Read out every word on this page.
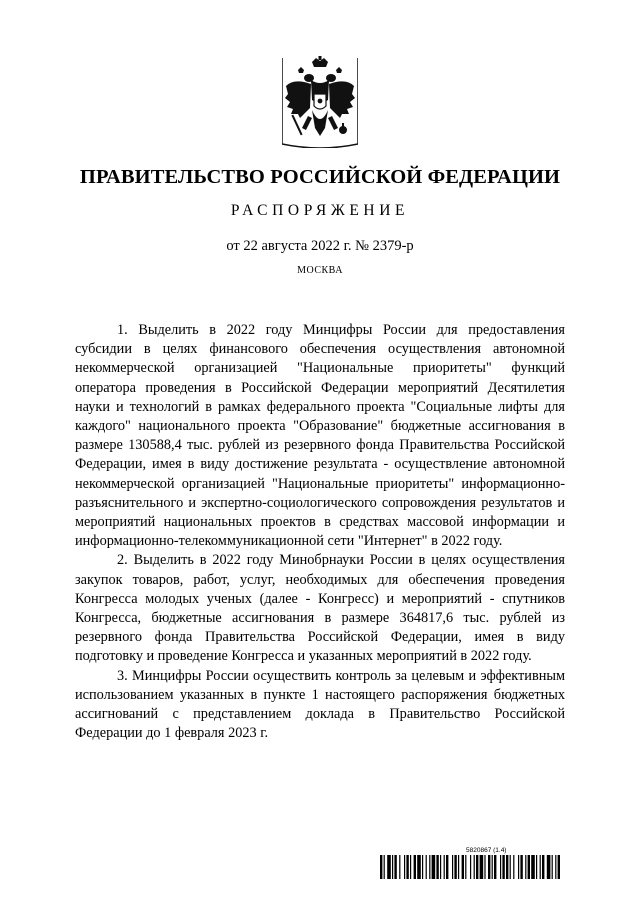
ПРАВИТЕЛЬСТВО РОССИЙСКОЙ ФЕДЕРАЦИИ
РАСПОРЯЖЕНИЕ
от 22 августа 2022 г. № 2379-р
МОСКВА

1. Выделить в 2022 году Минцифры России для предоставления субсидии в целях финансового обеспечения осуществления автономной некоммерческой организацией "Национальные приоритеты" функций оператора проведения в Российской Федерации мероприятий Десятилетия науки и технологий в рамках федерального проекта "Социальные лифты для каждого" национального проекта "Образование" бюджетные ассигнования в размере 130588,4 тыс. рублей из резервного фонда Правительства Российской Федерации, имея в виду достижение результата - осуществление автономной некоммерческой организацией "Национальные приоритеты" информационно-разъяснительного и экспертно-социологического сопровождения результатов и мероприятий национальных проектов в средствах массовой информации и информационно-телекоммуникационной сети "Интернет" в 2022 году.

2. Выделить в 2022 году Минобрнауки России в целях осуществления закупок товаров, работ, услуг, необходимых для обеспечения проведения Конгресса молодых ученых (далее - Конгресс) и мероприятий - спутников Конгресса, бюджетные ассигнования в размере 364817,6 тыс. рублей из резервного фонда Правительства Российской Федерации, имея в виду подготовку и проведение Конгресса и указанных мероприятий в 2022 году.

3. Минцифры России осуществить контроль за целевым и эффективным использованием указанных в пункте 1 настоящего распоряжения бюджетных ассигнований с представлением доклада в Правительство Российской Федерации до 1 февраля 2023 г.

5820867 (1.4)
